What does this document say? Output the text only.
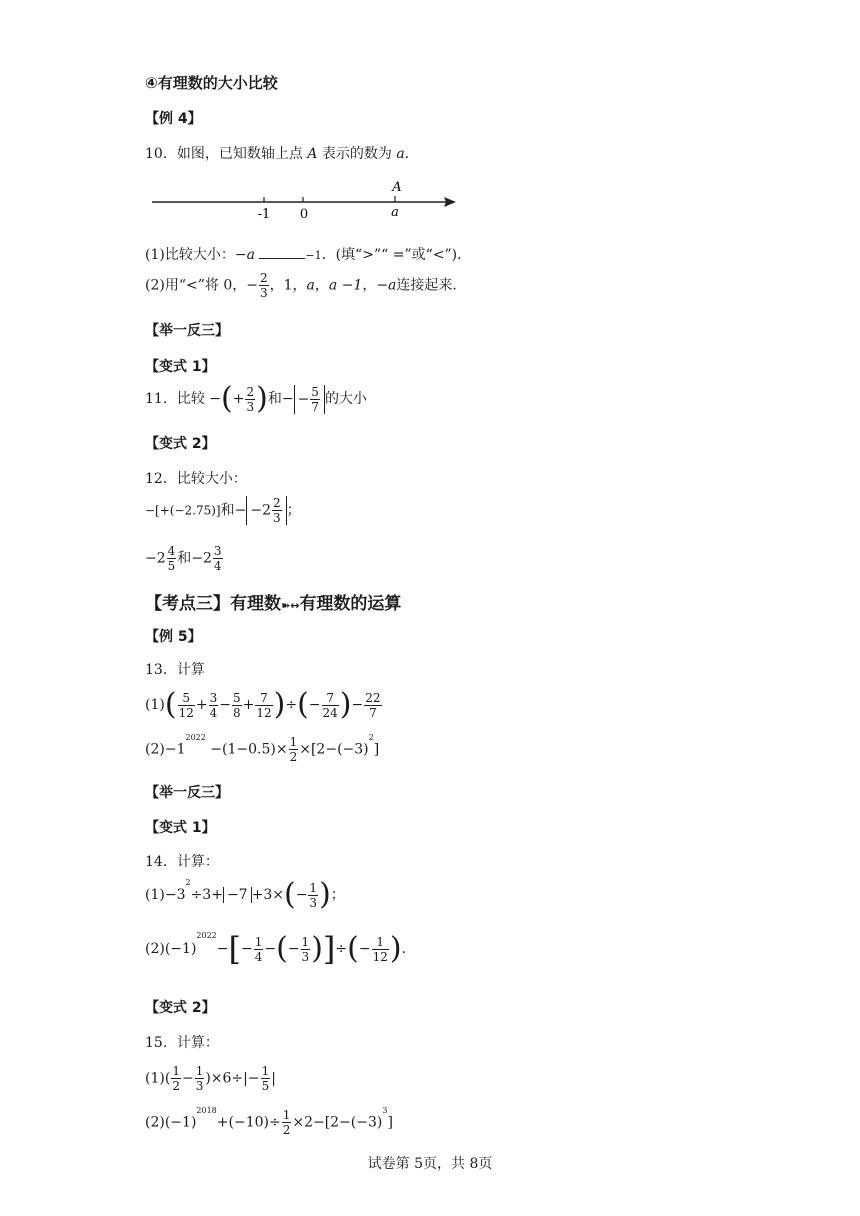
④有理数的大小比较
【例 4】
10．如图，已知数轴上点 A 表示的数为 a．
-1 0
A
a
(1)比较大小：−a	−1．(填“>”“ =”或“<”)．
(2)用“<”将 0，− $\frac{2}{3}$ ，1，a，a −1，−a连接起来．
【举一反三】
【变式 1】
11．比较 −(+ $\frac{2}{3}$ )和− − $\frac{5}{7}$ 的大小
【变式 2】
12．比较大小：
−[+(−2.75)]和− $-2 \frac{2}{3}$ ；
$-2 \frac{4}{5}$ 和$-2 \frac{3}{4}$
【考点三】有理数➽↔有理数的运算
【例 5】
13．计算
$(1)( \frac{5}{12} + \frac{3}{4} - \frac{5}{8} + \frac{7}{12}$ )÷(− $\frac{7}{24}$ )− $\frac{22}{7}$
$(2)-1^{2022} -(1-0.5)\times \frac{1}{2} \times[2-(-3)^2]$
【举一反三】
【变式 1】
14．计算：
$(1)-3^2\div 3+ -7 +3\times(- \frac{1}{3}$ )；
$(2)(-1)^{2022}-[- \frac{1}{4}$ −(− $\frac{1}{3}$ )]÷(− $\frac{1}{12}$ )．
【变式 2】
15．计算：
$(1)( \frac{1}{2} - \frac{1}{3} )\times 6\div|- \frac{1}{5}$ |
$(2)(-1)^{2018}+(-10)\div \frac{1}{2} \times 2-[2-(-3)^3]$
试卷第 5页，共 8页
